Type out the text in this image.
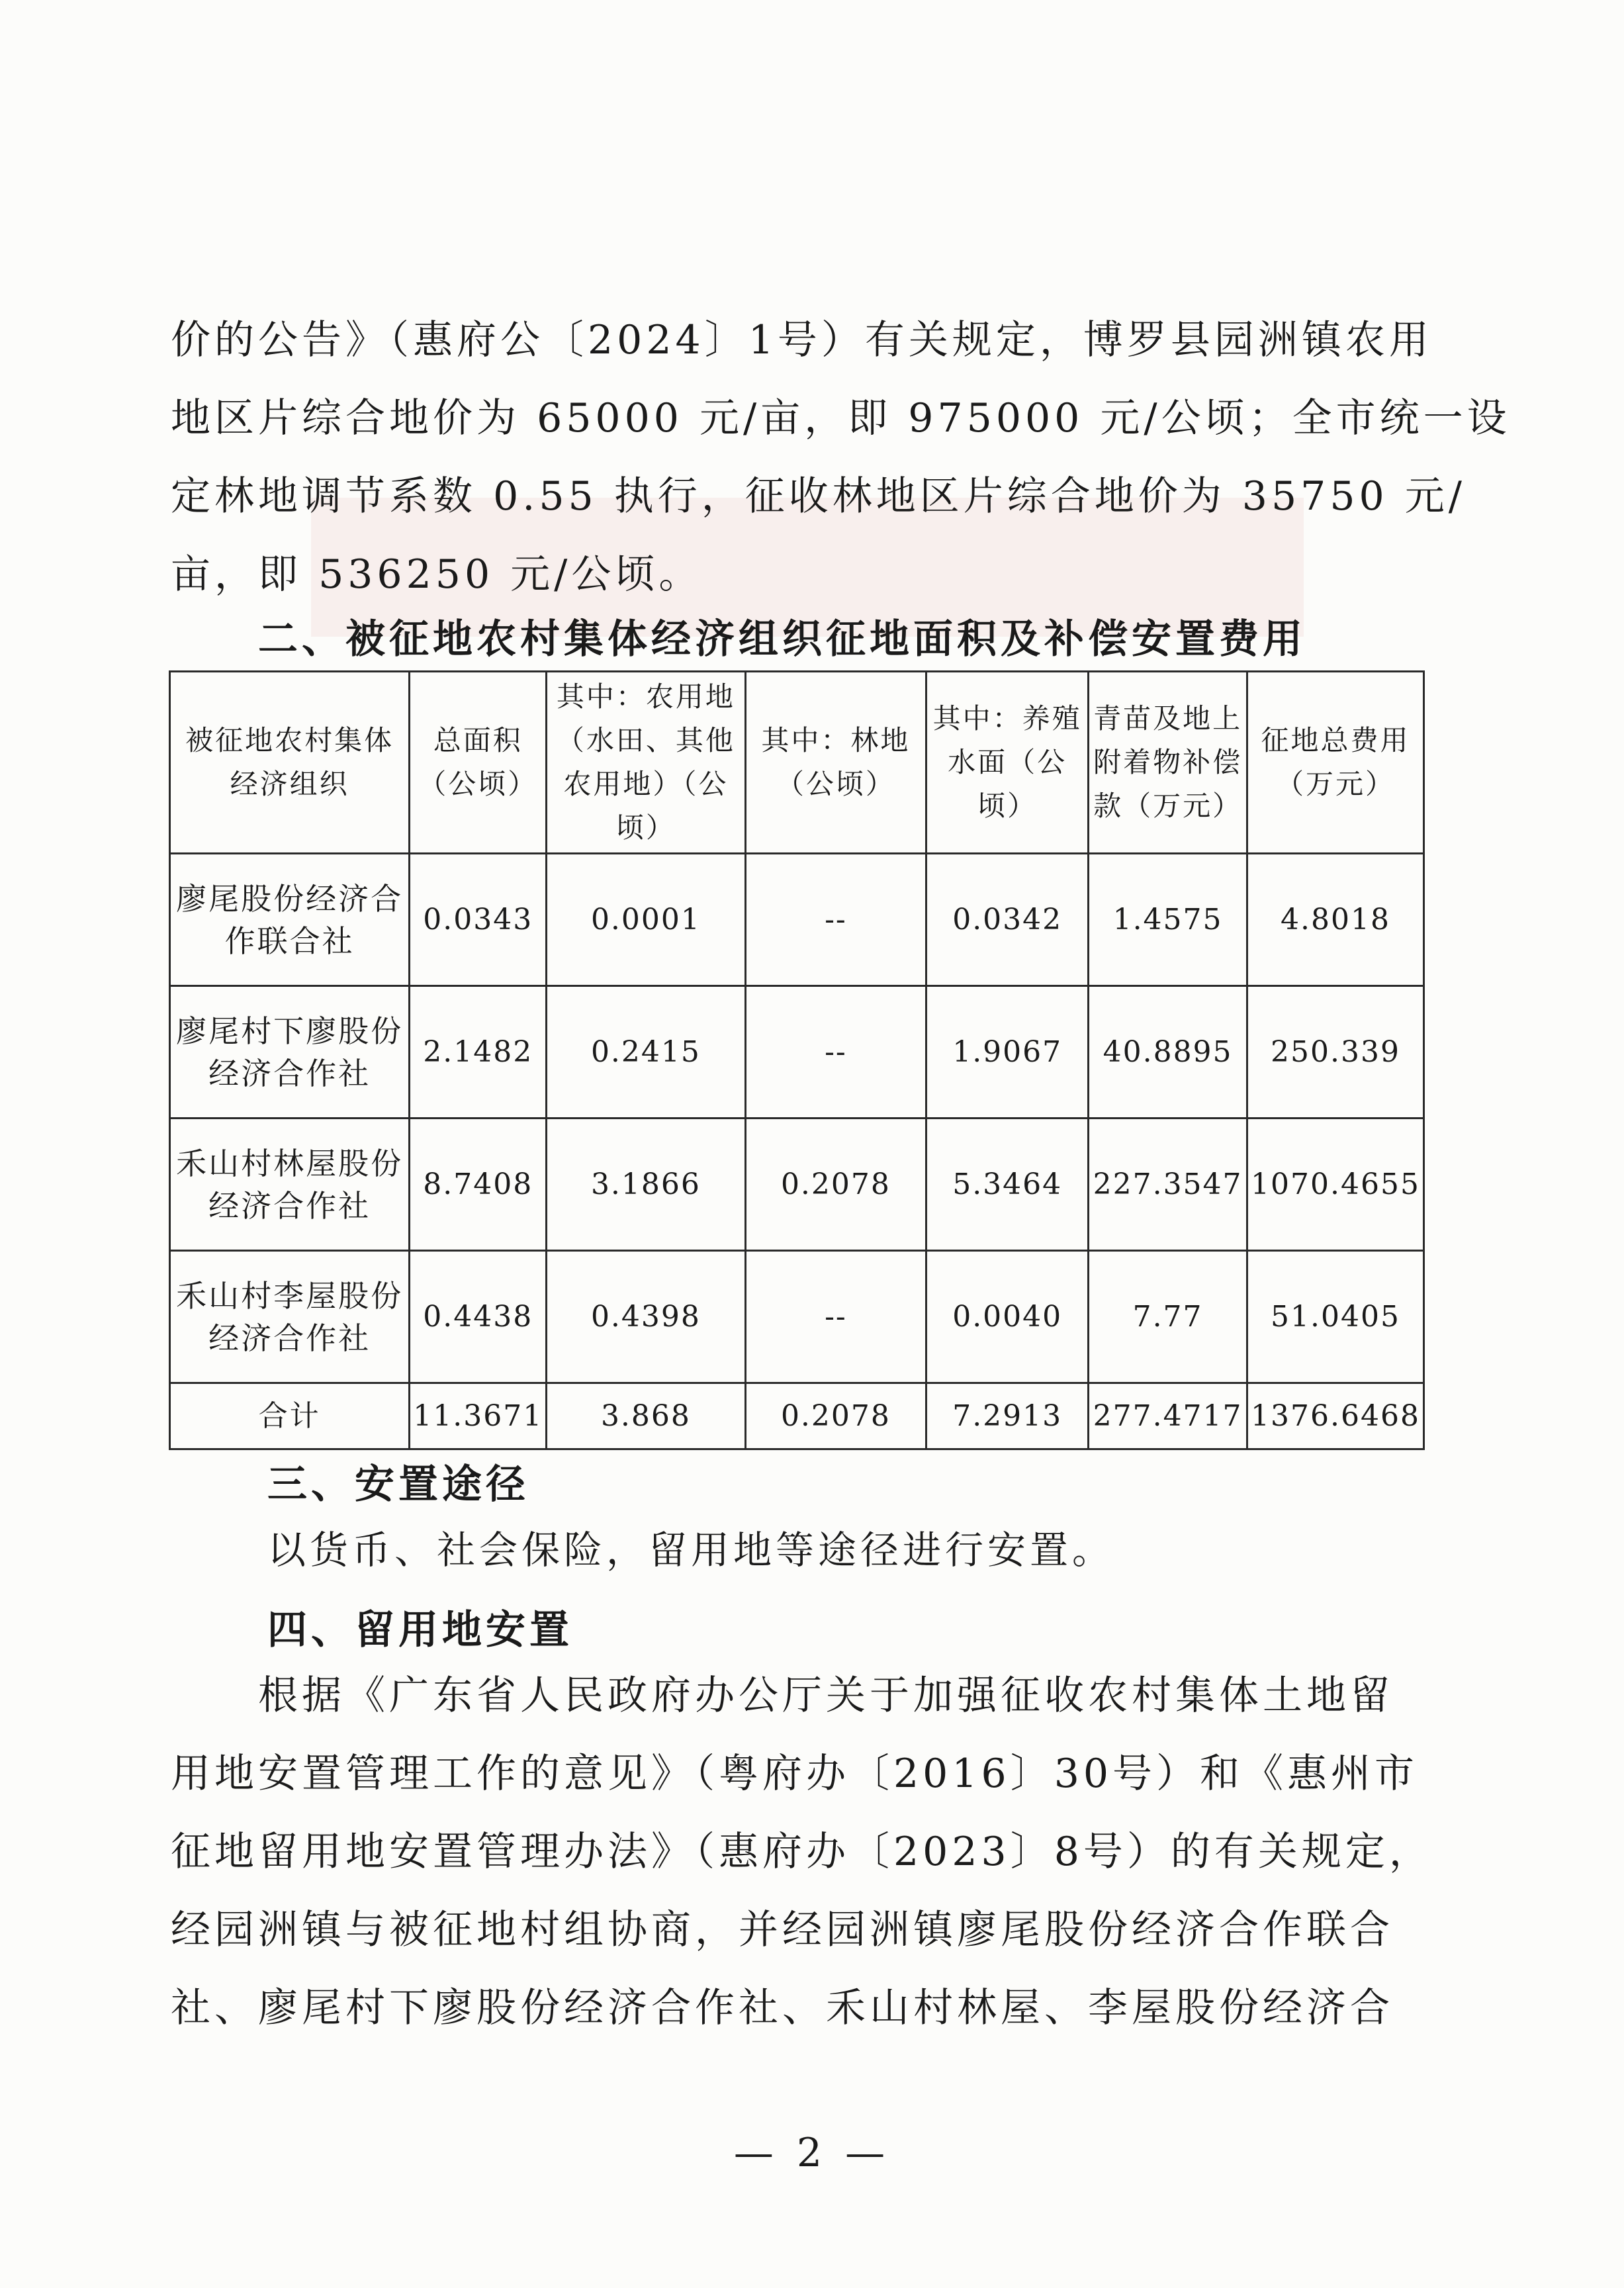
价的公告》（惠府公〔2024〕1号）有关规定，博罗县园洲镇农用
地区片综合地价为 65000 元/亩，即 975000 元/公顷；全市统一设
定林地调节系数 0.55 执行，征收林地区片综合地价为 35750 元/
亩，即 536250 元/公顷。
二、被征地农村集体经济组织征地面积及补偿安置费用
被征地农村集体经济组织	总面积（公顷）	其中：农用地（水田、其他农用地）（公顷）	其中：林地（公顷）	其中：养殖水面（公顷）	青苗及地上附着物补偿款（万元）	征地总费用（万元）
廖尾股份经济合作联合社	0.0343	0.0001	--	0.0342	1.4575	4.8018
廖尾村下廖股份经济合作社	2.1482	0.2415	--	1.9067	40.8895	250.339
禾山村林屋股份经济合作社	8.7408	3.1866	0.2078	5.3464	227.3547	1070.4655
禾山村李屋股份经济合作社	0.4438	0.4398	--	0.0040	7.77	51.0405
合计	11.3671	3.868	0.2078	7.2913	277.4717	1376.6468
三、安置途径

以货币、社会保险，留用地等途径进行安置。

四、留用地安置
根据《广东省人民政府办公厅关于加强征收农村集体土地留
用地安置管理工作的意见》（粤府办〔2016〕30号）和《惠州市
征地留用地安置管理办法》（惠府办〔2023〕8号）的有关规定，
经园洲镇与被征地村组协商，并经园洲镇廖尾股份经济合作联合
社、廖尾村下廖股份经济合作社、禾山村林屋、李屋股份经济合
— 2 —
